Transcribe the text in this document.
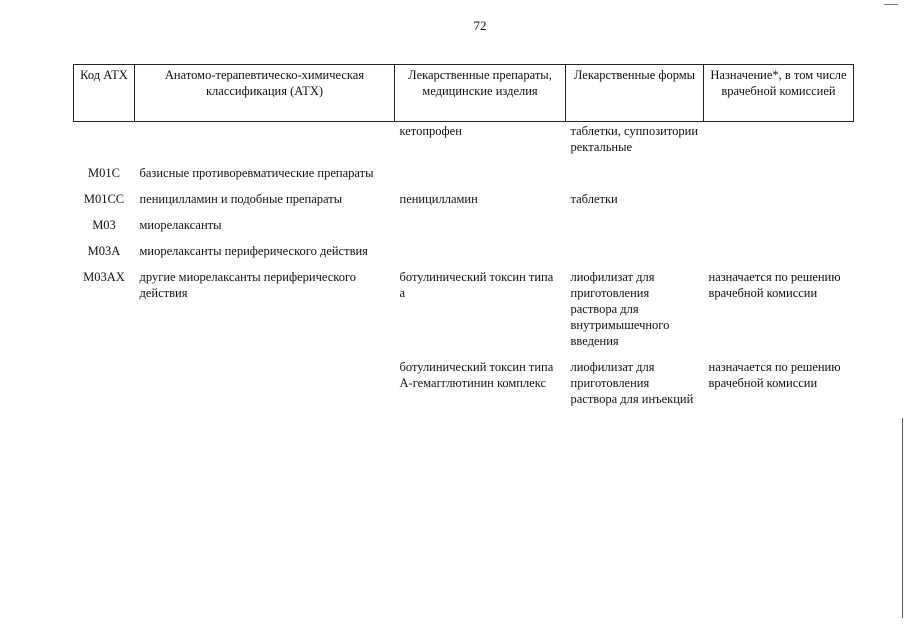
72
Код АТХ	Анатомо-терапевтическо-химическая классификация (АТХ)	Лекарственные препараты, медицинские изделия	Лекарственные формы	Назначение*, в том числе врачебной комиссией
		кетопрофен	таблетки, суппозитории ректальные	
M01C	базисные противоревматические препараты			
M01CC	пеницилламин и подобные препараты	пеницилламин	таблетки	
M03	миорелаксанты			
M03A	миорелаксанты периферического действия			
M03AX	другие миорелаксанты периферического действия	ботулинический токсин типа а	лиофилизат для приготовления раствора для внутримышечного введения	назначается по решению врачебной комиссии
		ботулинический токсин типа А-гемагглютинин комплекс	лиофилизат для приготовления раствора для инъекций	назначается по решению врачебной комиссии
